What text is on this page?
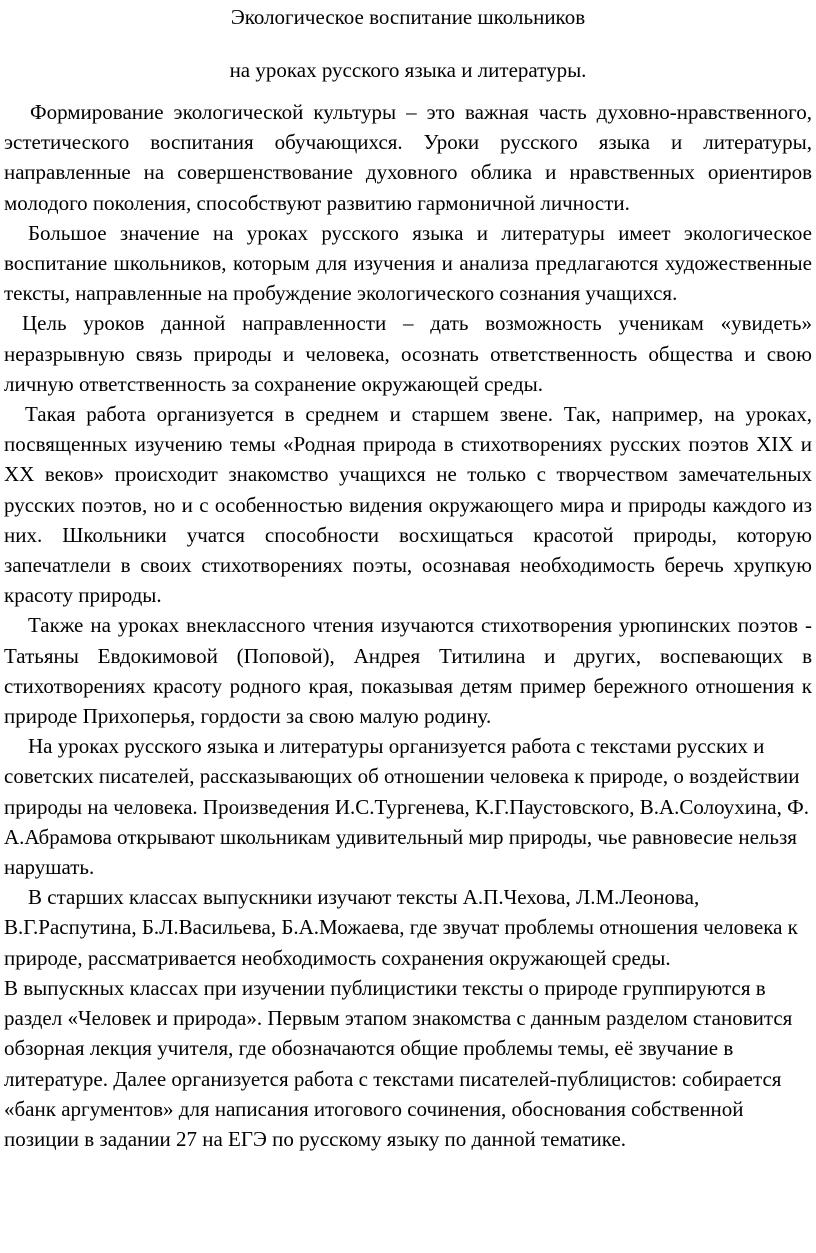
Экологическое воспитание школьников

на уроках русского языка и литературы.

Формирование экологической культуры – это важная часть духовно-нравственного, эстетического воспитания обучающихся. Уроки русского языка и литературы, направленные на совершенствование духовного облика и нравственных ориентиров молодого поколения, способствуют развитию гармоничной личности.

Большое значение на уроках русского языка и литературы имеет экологическое воспитание школьников, которым для изучения и анализа предлагаются художественные тексты, направленные на пробуждение экологического сознания учащихся.

Цель уроков данной направленности – дать возможность ученикам «увидеть» неразрывную связь природы и человека, осознать ответственность общества и свою личную ответственность за сохранение окружающей среды.

Такая работа организуется в среднем и старшем звене. Так, например, на уроках, посвященных изучению темы «Родная природа в стихотворениях русских поэтов XIX и XX веков» происходит знакомство учащихся не только с творчеством замечательных русских поэтов, но и с особенностью видения окружающего мира и природы каждого из них. Школьники учатся способности восхищаться красотой природы, которую запечатлели в своих стихотворениях поэты, осознавая необходимость беречь хрупкую красоту природы.

Также на уроках внеклассного чтения изучаются стихотворения урюпинских поэтов - Татьяны Евдокимовой (Поповой), Андрея Титилина и других, воспевающих в стихотворениях красоту родного края, показывая детям пример бережного отношения к природе Прихоперья, гордости за свою малую родину.

На уроках русского языка и литературы организуется работа с текстами русских и советских писателей, рассказывающих об отношении человека к природе, о воздействии природы на человека. Произведения И.С.Тургенева, К.Г.Паустовского, В.А.Солоухина, Ф. А.Абрамова открывают школьникам удивительный мир природы, чье равновесие нельзя нарушать.

В старших классах выпускники изучают тексты А.П.Чехова, Л.М.Леонова, В.Г.Распутина, Б.Л.Васильева, Б.А.Можаева, где звучат проблемы отношения человека к природе, рассматривается необходимость сохранения окружающей среды.

В выпускных классах при изучении публицистики тексты о природе группируются в раздел «Человек и природа». Первым этапом знакомства с данным разделом становится обзорная лекция учителя, где обозначаются общие проблемы темы, её звучание в литературе. Далее организуется работа с текстами писателей-публицистов: собирается «банк аргументов» для написания итогового сочинения, обоснования собственной позиции в задании 27 на ЕГЭ по русскому языку по данной тематике.
